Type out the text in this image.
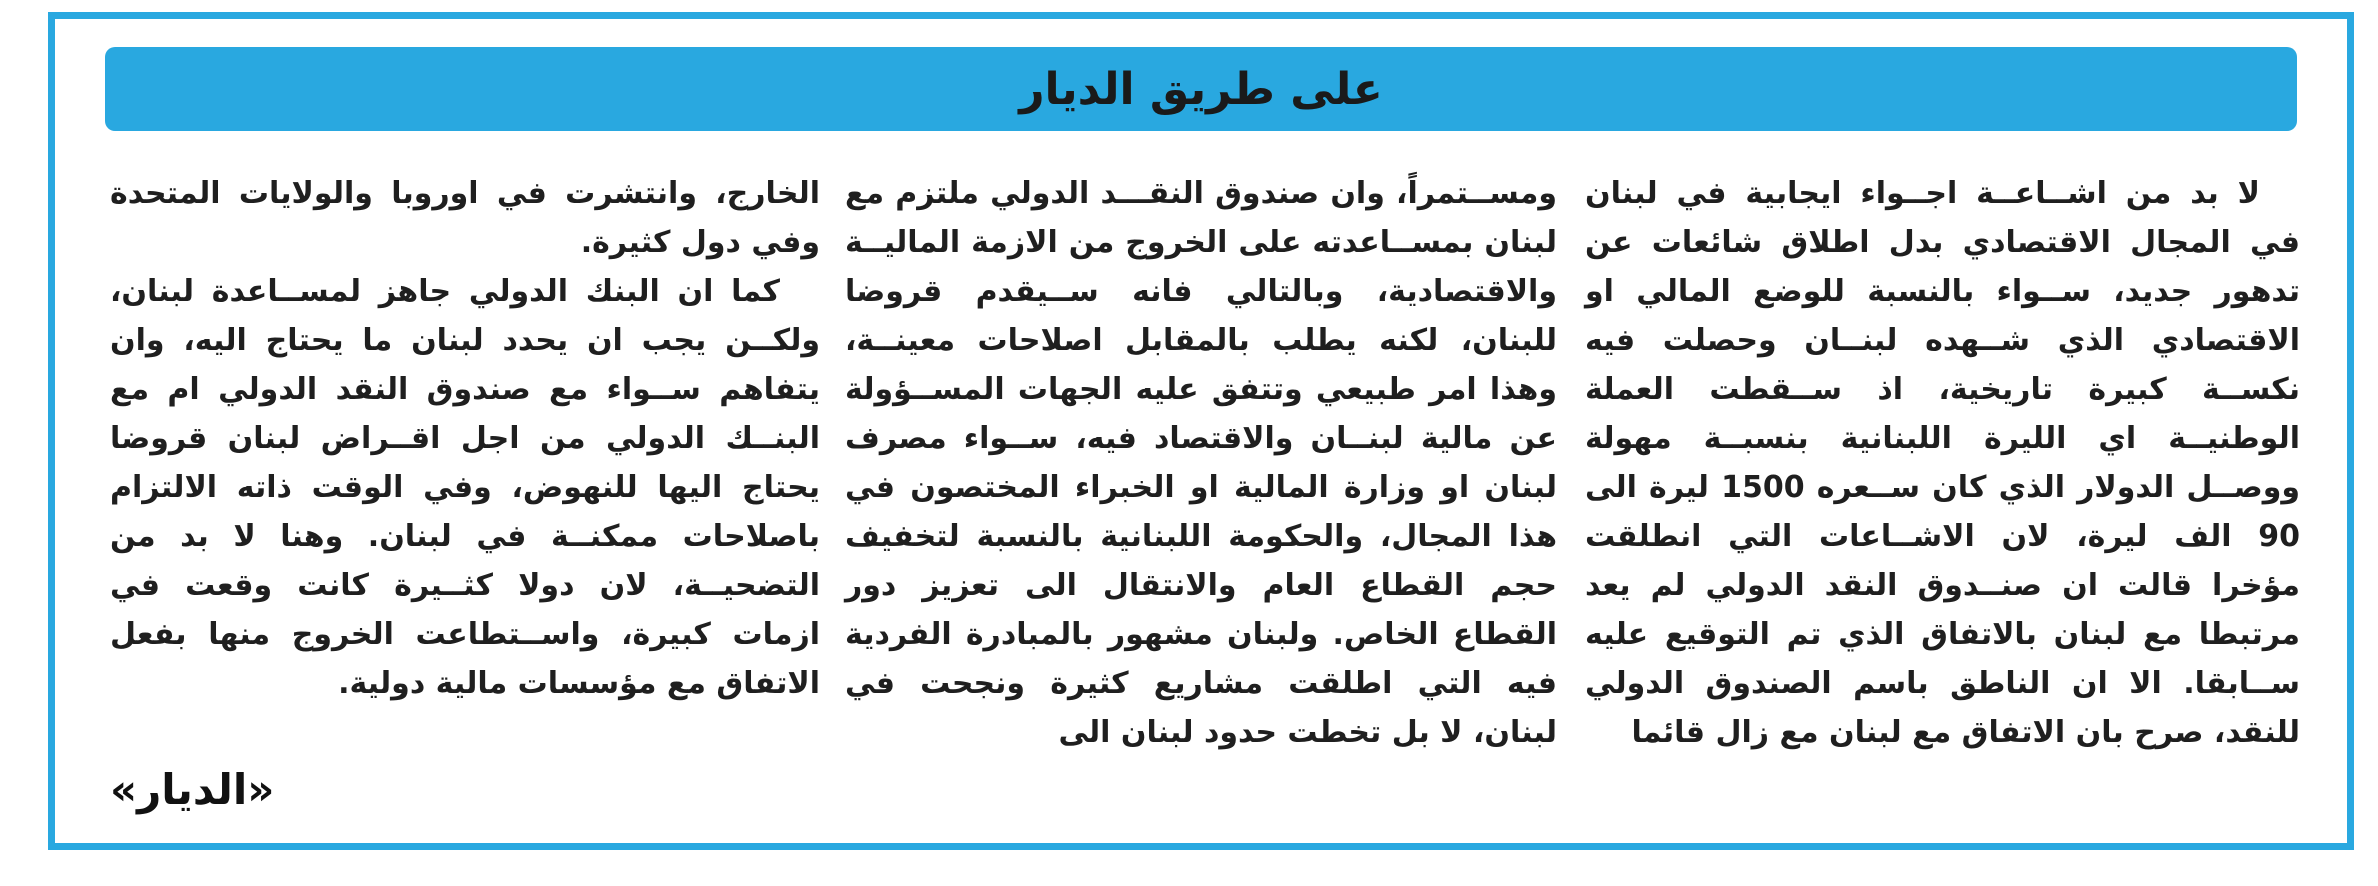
على طريق الديار

لا بد من اشــاعــة اجــواء ايجابية في لبنان في المجال الاقتصادي بدل اطلاق شائعات عن تدهور جديد، ســواء بالنسبة للوضع المالي او الاقتصادي الذي شــهده لبنــان وحصلت فيه نكســة كبيرة تاريخية، اذ ســقطت العملة الوطنيــة اي الليرة اللبنانية بنسبــة مهولة ووصــل الدولار الذي كان ســعره 1500 ليرة الى 90 الف ليرة، لان الاشــاعات التي انطلقت مؤخرا قالت ان صنــدوق النقد الدولي لم يعد مرتبطا مع لبنان بالاتفاق الذي تم التوقيع عليه ســابقا. الا ان الناطق باسم الصندوق الدولي للنقد، صرح بان الاتفاق مع لبنان مع زال قائما

ومســتمراً، وان صندوق النقـــد الدولي ملتزم مع لبنان بمســاعدته على الخروج من الازمة الماليــة والاقتصادية، وبالتالي فانه ســيقدم قروضا للبنان، لكنه يطلب بالمقابل اصلاحات معينــة، وهذا امر طبيعي وتتفق عليه الجهات المســؤولة عن مالية لبنــان والاقتصاد فيه، ســواء مصرف لبنان او وزارة المالية او الخبراء المختصون في هذا المجال، والحكومة اللبنانية بالنسبة لتخفيف حجم القطاع العام والانتقال الى تعزيز دور القطاع الخاص. ولبنان مشهور بالمبادرة الفردية فيه التي اطلقت مشاريع كثيرة ونجحت في لبنان، لا بل تخطت حدود لبنان الى

الخارج، وانتشرت في اوروبا والولايات المتحدة وفي دول كثيرة.

كما ان البنك الدولي جاهز لمســاعدة لبنان، ولكــن يجب ان يحدد لبنان ما يحتاج اليه، وان يتفاهم ســواء مع صندوق النقد الدولي ام مع البنــك الدولي من اجل اقــراض لبنان قروضا يحتاج اليها للنهوض، وفي الوقت ذاته الالتزام باصلاحات ممكنــة في لبنان. وهنا لا بد من التضحيــة، لان دولا كثــيرة كانت وقعت في ازمات كبيرة، واســتطاعت الخروج منها بفعل الاتفاق مع مؤسسات مالية دولية.

«الديار»
